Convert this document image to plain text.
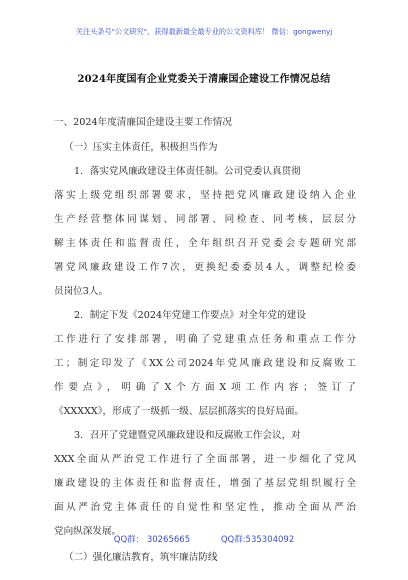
关注头条号"公文研究"，获得最新最全最专业的公文资料库！ 微信：gongwenyj
2024年度国有企业党委关于清廉国企建设工作情况总结
一、2024年度清廉国企建设主要工作情况
（一）压实主体责任，积极担当作为
1．落实党风廉政建设主体责任制。公司党委认真贯彻
落实上级党组织部署要求，坚持把党风廉政建设纳入企业
生产经营整体同谋划、同部署、同检查、同考核，层层分
解主体责任和监督责任，全年组织召开党委会专题研究部
署党风廉政建设工作7次，更换纪委委员4人，调整纪检委
员岗位3人。
2．制定下发《2024年党建工作要点》对全年党的建设
工作进行了安排部署，明确了党建重点任务和重点工作分
工；制定印发了《XX公司2024年党风廉政建设和反腐败工
作要点》，明确了X个方面X项工作内容；签订了
《XXXXX》，形成了一级抓一级、层层抓落实的良好局面。
3．召开了党建暨党风廉政建设和反腐败工作会议，对
XXX全面从严治党工作进行了全面部署，进一步细化了党风
廉政建设的主体责任和监督责任，增强了基层党组织履行全
面从严治党主体责任的自觉性和坚定性，推动全面从严治
党向纵深发展。
（二）强化廉洁教育，筑牢廉洁防线
QQ群： 30265665	QQ群:535304092
